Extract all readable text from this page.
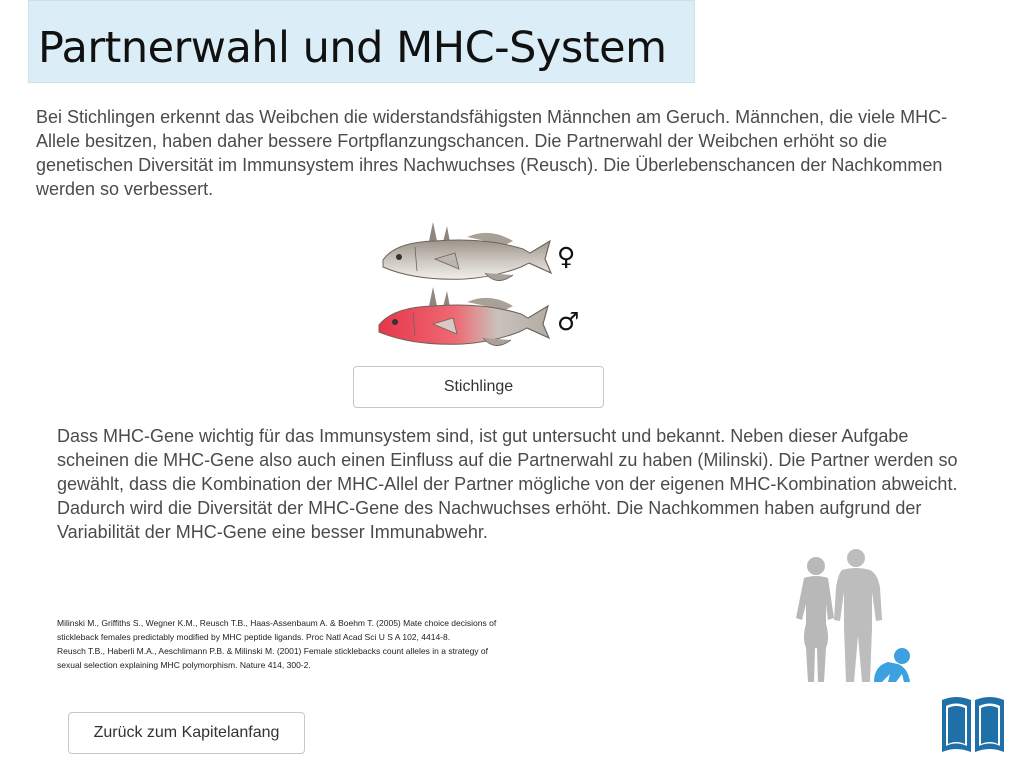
Partnerwahl und MHC-System

Bei Stichlingen erkennt das Weibchen die widerstandsfähigsten Männchen am Geruch. Männchen, die viele MHC-Allele besitzen, haben daher bessere Fortpflanzungschancen. Die Partnerwahl der Weibchen erhöht so die genetischen Diversität im Immunsystem ihres Nachwuchses (Reusch). Die Überlebenschancen der Nachkommen werden so verbessert.

♀
♂
Stichlinge

Dass MHC-Gene wichtig für das Immunsystem sind, ist gut untersucht und bekannt. Neben dieser Aufgabe scheinen die MHC-Gene also auch einen Einfluss auf die Partnerwahl zu haben (Milinski). Die Partner werden so gewählt, dass die Kombination der MHC-Allel der Partner mögliche von der eigenen MHC-Kombination abweicht. Dadurch wird die Diversität der MHC-Gene des Nachwuchses erhöht. Die Nachkommen haben aufgrund der Variabilität der MHC-Gene eine besser Immunabwehr.

Milinski M., Griffiths S., Wegner K.M., Reusch T.B., Haas-Assenbaum A. & Boehm T. (2005) Mate choice decisions of stickleback females predictably modified by MHC peptide ligands. Proc Natl Acad Sci U S A 102, 4414-8.

Reusch T.B., Haberli M.A., Aeschlimann P.B. & Milinski M. (2001) Female sticklebacks count alleles in a strategy of sexual selection explaining MHC polymorphism. Nature 414, 300-2.

Zurück zum Kapitelanfang
